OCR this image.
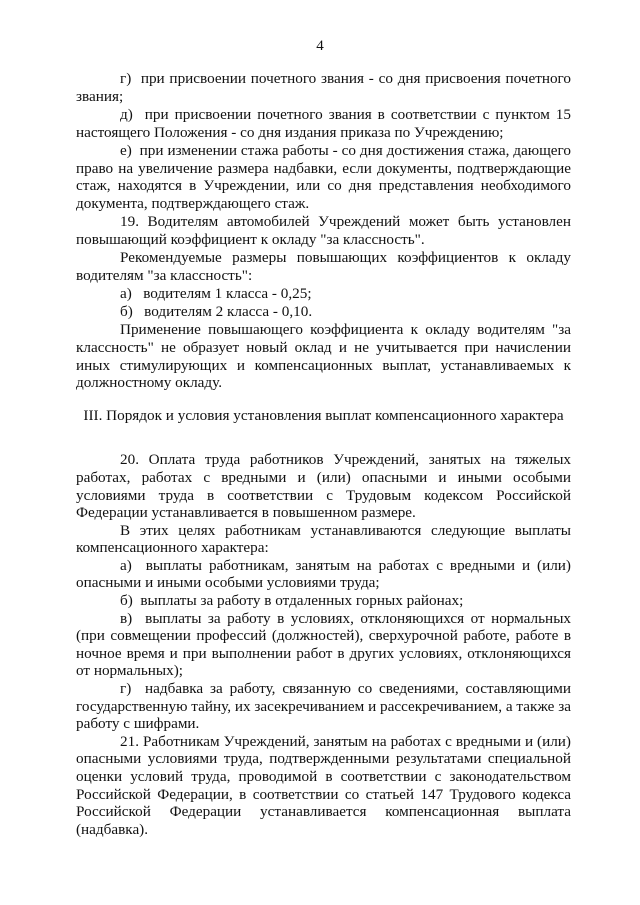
4

г)  при присвоении почетного звания - со дня присвоения почетного звания;

д)  при присвоении почетного звания в соответствии с пунктом 15 настоящего Положения - со дня издания приказа по Учреждению;

е)  при изменении стажа работы - со дня достижения стажа, дающего право на увеличение размера надбавки, если документы, подтверждающие стаж, находятся в Учреждении, или со дня представления необходимого документа, подтверждающего стаж.

19. Водителям автомобилей Учреждений может быть установлен повышающий коэффициент к окладу "за классность".

Рекомендуемые размеры повышающих коэффициентов к окладу водителям "за классность":

а)   водителям 1 класса - 0,25;

б)   водителям 2 класса - 0,10.

Применение повышающего коэффициента к окладу водителям "за классность" не образует новый оклад и не учитывается при начислении иных стимулирующих и компенсационных выплат, устанавливаемых к должностному окладу.

III. Порядок и условия установления выплат компенсационного характера

20. Оплата труда работников Учреждений, занятых на тяжелых работах, работах с вредными и (или) опасными и иными особыми условиями труда в соответствии с Трудовым кодексом Российской Федерации устанавливается в повышенном размере.

В этих целях работникам устанавливаются следующие выплаты компенсационного характера:

а)  выплаты работникам, занятым на работах с вредными и (или) опасными и иными особыми условиями труда;

б)  выплаты за работу в отдаленных горных районах;

в)  выплаты за работу в условиях, отклоняющихся от нормальных (при совмещении профессий (должностей), сверхурочной работе, работе в ночное время и при выполнении работ в других условиях, отклоняющихся от нормальных);

г)  надбавка за работу, связанную со сведениями, составляющими государственную тайну, их засекречиванием и рассекречиванием, а также за работу с шифрами.

21. Работникам Учреждений, занятым на работах с вредными и (или) опасными условиями труда, подтвержденными результатами специальной оценки условий труда, проводимой в соответствии с законодательством Российской Федерации, в соответствии со статьей 147 Трудового кодекса Российской Федерации устанавливается компенсационная выплата (надбавка).
